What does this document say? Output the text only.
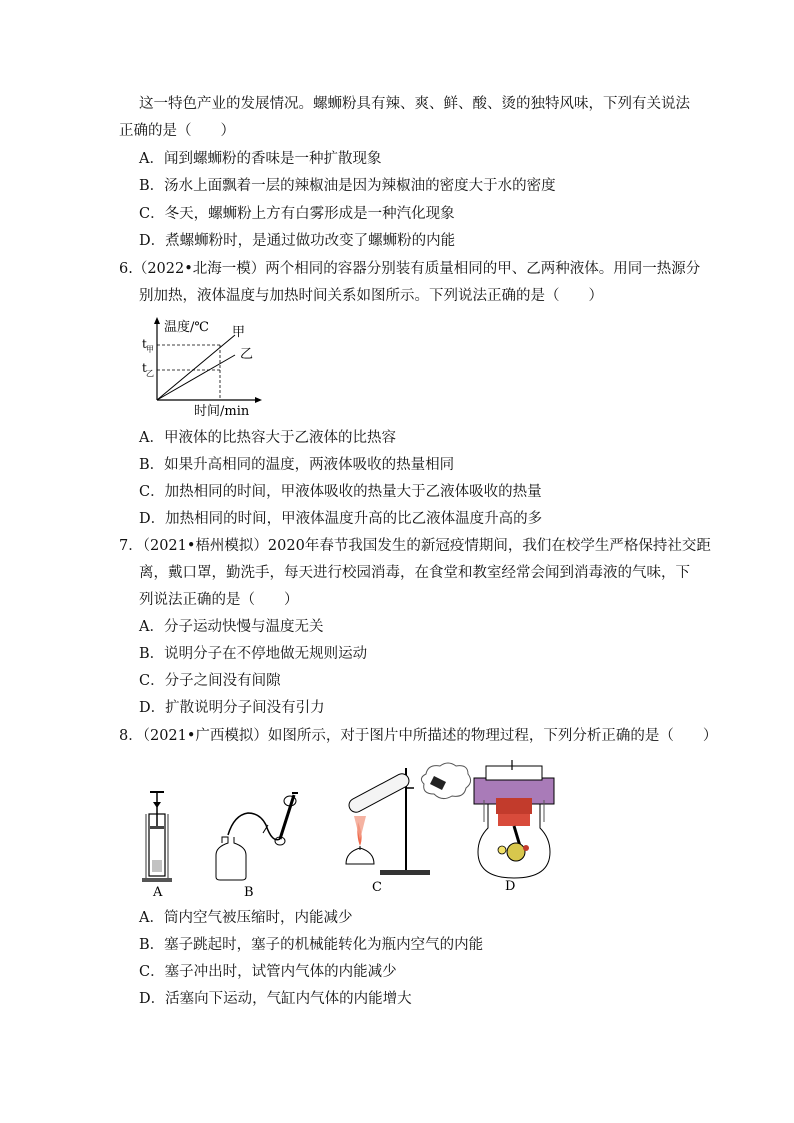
这一特色产业的发展情况。螺蛳粉具有辣、爽、鲜、酸、烫的独特风味，下列有关说法
正确的是（　　）
A．闻到螺蛳粉的香味是一种扩散现象
B．汤水上面飘着一层的辣椒油是因为辣椒油的密度大于水的密度
C．冬天，螺蛳粉上方有白雾形成是一种汽化现象
D．煮螺蛳粉时，是通过做功改变了螺蛳粉的内能
6.（2022•北海一模）两个相同的容器分别装有质量相同的甲、乙两种液体。用同一热源分
别加热，液体温度与加热时间关系如图所示。下列说法正确的是（　　）
温度/℃
时间/min
甲
乙
t 甲
t 乙
A．甲液体的比热容大于乙液体的比热容
B．如果升高相同的温度，两液体吸收的热量相同
C．加热相同的时间，甲液体吸收的热量大于乙液体吸收的热量
D．加热相同的时间，甲液体温度升高的比乙液体温度升高的多
7．（2021•梧州模拟）2020年春节我国发生的新冠疫情期间，我们在校学生严格保持社交距
离，戴口罩，勤洗手，每天进行校园消毒，在食堂和教室经常会闻到消毒液的气味，下
列说法正确的是（　　）
A．分子运动快慢与温度无关
B．说明分子在不停地做无规则运动
C．分子之间没有间隙
D．扩散说明分子间没有引力
8．（2021•广西模拟）如图所示，对于图片中所描述的物理过程，下列分析正确的是（　　）
A	B	C	D
A．筒内空气被压缩时，内能减少
B．塞子跳起时，塞子的机械能转化为瓶内空气的内能
C．塞子冲出时，试管内气体的内能减少
D．活塞向下运动，气缸内气体的内能增大
